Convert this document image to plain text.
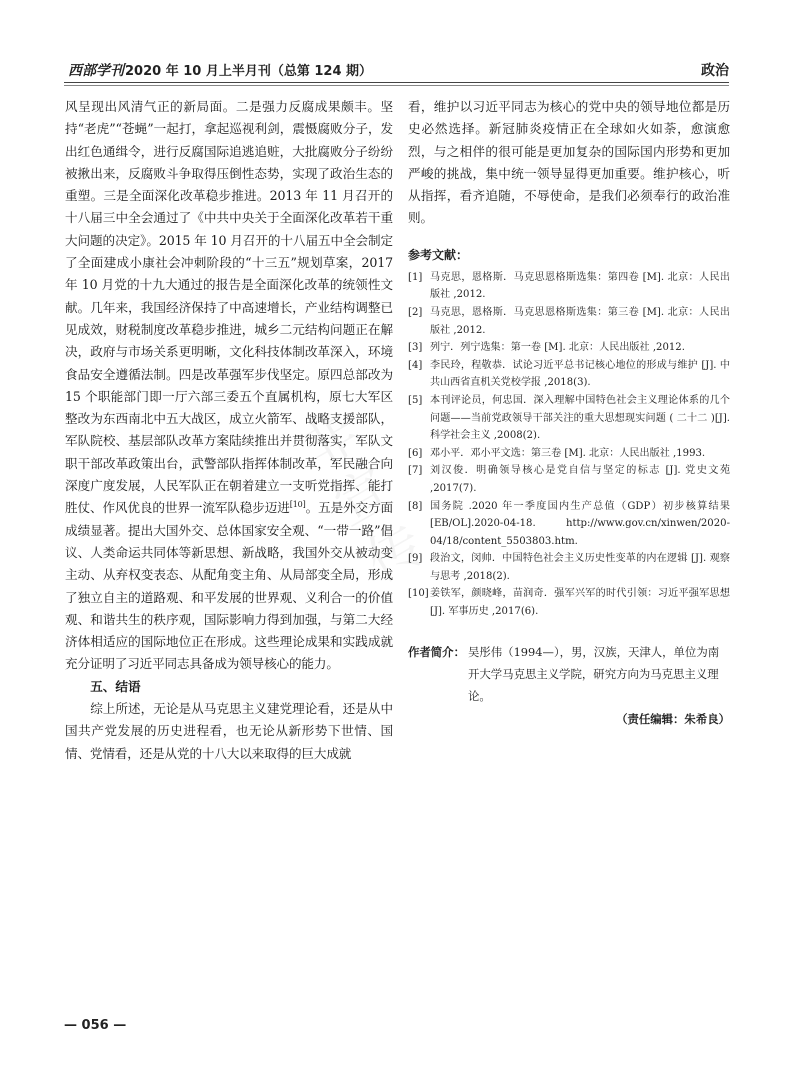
西部学刊2020 年 10 月上半月刊（总第 124 期）	政治

风呈现出风清气正的新局面。二是强力反腐成果颇丰。坚持“老虎”“苍蝇”一起打，拿起巡视利剑，震慑腐败分子，发出红色通缉令，进行反腐国际追逃追赃，大批腐败分子纷纷被揪出来，反腐败斗争取得压倒性态势，实现了政治生态的重塑。三是全面深化改革稳步推进。2013 年 11 月召开的十八届三中全会通过了《中共中央关于全面深化改革若干重大问题的决定》。2015 年 10 月召开的十八届五中全会制定了全面建成小康社会冲刺阶段的“十三五”规划草案，2017 年 10 月党的十九大通过的报告是全面深化改革的统领性文献。几年来，我国经济保持了中高速增长，产业结构调整已见成效，财税制度改革稳步推进，城乡二元结构问题正在解决，政府与市场关系更明晰，文化科技体制改革深入，环境食品安全遵循法制。四是改革强军步伐坚定。原四总部改为 15 个职能部门即一厅六部三委五个直属机构，原七大军区整改为东西南北中五大战区，成立火箭军、战略支援部队，军队院校、基层部队改革方案陆续推出并贯彻落实，军队文职干部改革政策出台，武警部队指挥体制改革，军民融合向深度广度发展，人民军队正在朝着建立一支听党指挥、能打胜仗、作风优良的世界一流军队稳步迈进[10]。五是外交方面成绩显著。提出大国外交、总体国家安全观、“一带一路”倡议、人类命运共同体等新思想、新战略，我国外交从被动变主动、从弃权变表态、从配角变主角、从局部变全局，形成了独立自主的道路观、和平发展的世界观、义利合一的价值观、和谐共生的秩序观，国际影响力得到加强，与第二大经济体相适应的国际地位正在形成。这些理论成果和实践成就充分证明了习近平同志具备成为领导核心的能力。

五、结语

综上所述，无论是从马克思主义建党理论看，还是从中国共产党发展的历史进程看，也无论从新形势下世情、国情、党情看，还是从党的十八大以来取得的巨大成就

看，维护以习近平同志为核心的党中央的领导地位都是历史必然选择。新冠肺炎疫情正在全球如火如荼，愈演愈烈，与之相伴的很可能是更加复杂的国际国内形势和更加严峻的挑战，集中统一领导显得更加重要。维护核心，听从指挥，看齐追随，不辱使命，是我们必须奉行的政治准则。

参考文献：
[1] 马克思，恩格斯．马克思恩格斯选集：第四卷 [M]. 北京：人民出版社 ,2012.
[2] 马克思，恩格斯．马克思恩格斯选集：第三卷 [M]. 北京：人民出版社 ,2012.
[3] 列宁．列宁选集：第一卷 [M]. 北京：人民出版社 ,2012.
[4] 李民玲，程敬恭．试论习近平总书记核心地位的形成与维护 [J]. 中共山西省直机关党校学报 ,2018(3).
[5] 本刊评论员，何忠国．深入理解中国特色社会主义理论体系的几个问题——当前党政领导干部关注的重大思想现实问题 ( 二十二 )[J]. 科学社会主义 ,2008(2).
[6] 邓小平．邓小平文选：第三卷 [M]. 北京：人民出版社 ,1993.
[7] 刘汉俊．明确领导核心是党自信与坚定的标志 [J]. 党史文苑 ,2017(7).
[8] 国务院 .2020 年一季度国内生产总值（GDP）初步核算结果 [EB/OL].2020-04-18. http://www.gov.cn/xinwen/2020-04/18/content_5503803.htm.
[9] 段治文，闵帅．中国特色社会主义历史性变革的内在逻辑 [J]. 观察与思考 ,2018(2).
[10] 姜铁军，颜晓峰，苗润奇．强军兴军的时代引领：习近平强军思想 [J]. 军事历史 ,2017(6).
作者简介： 吴彤伟（1994—），男，汉族，天津人，单位为南开大学马克思主义学院，研究方向为马克思主义理论。
（责任编辑：朱希良）
— 056 —
